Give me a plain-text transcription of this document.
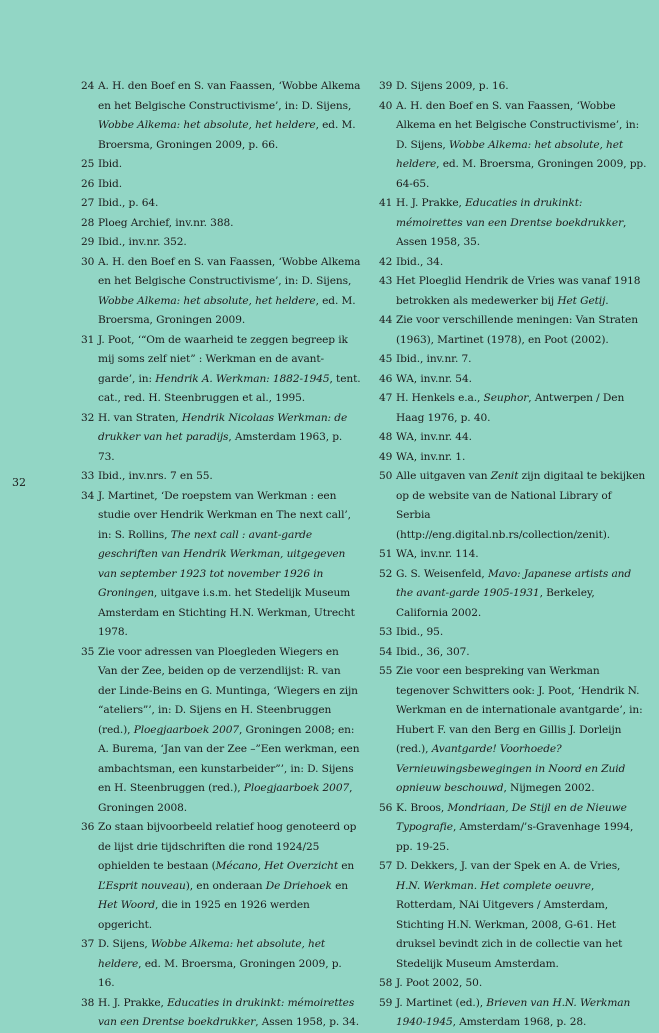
32
24 A. H. den Boef en S. van Faassen, ‘Wobbe Alkema en het Belgische Constructivisme’, in: D. Sijens, Wobbe Alkema: het absolute, het heldere, ed. M. Broersma, Groningen 2009, p. 66.
25 Ibid.
26 Ibid.
27 Ibid., p. 64.
28 Ploeg Archief, inv.nr. 388.
29 Ibid., inv.nr. 352.
30 A. H. den Boef en S. van Faassen, ‘Wobbe Alkema en het Belgische Constructivisme’, in: D. Sijens, Wobbe Alkema: het absolute, het heldere, ed. M. Broersma, Groningen 2009.
31 J. Poot, ‘“Om de waarheid te zeggen begreep ik mij soms zelf niet” : Werkman en de avant-garde’, in: Hendrik A. Werkman: 1882-1945, tent. cat., red. H. Steenbruggen et al., 1995.
32 H. van Straten, Hendrik Nicolaas Werkman: de drukker van het paradijs, Amsterdam 1963, p. 73.
33 Ibid., inv.nrs. 7 en 55.
34 J. Martinet, ‘De roepstem van Werkman : een studie over Hendrik Werkman en The next call’, in: S. Rollins, The next call : avant-garde geschriften van Hendrik Werkman, uitgegeven van september 1923 tot november 1926 in Groningen, uitgave i.s.m. het Stedelijk Museum Amsterdam en Stichting H.N. Werkman, Utrecht 1978.
35 Zie voor adressen van Ploegleden Wiegers en Van der Zee, beiden op de verzendlijst: R. van der Linde-Beins en G. Muntinga, ‘Wiegers en zijn “ateliers”’, in: D. Sijens en H. Steenbruggen (red.), Ploegjaarboek 2007, Groningen 2008; en: A. Burema, ‘Jan van der Zee –”Een werkman, een ambachtsman, een kunstarbeider”’, in: D. Sijens en H. Steenbruggen (red.), Ploegjaarboek 2007, Groningen 2008.
36 Zo staan bijvoorbeeld relatief hoog genoteerd op de lijst drie tijdschriften die rond 1924/25 ophielden te bestaan (Mécano, Het Overzicht en L’Esprit nouveau), en onderaan De Driehoek en Het Woord, die in 1925 en 1926 werden opgericht.
37 D. Sijens, Wobbe Alkema: het absolute, het heldere, ed. M. Broersma, Groningen 2009, p. 16.
38 H. J. Prakke, Educaties in drukinkt: mémoirettes van een Drentse boekdrukker, Assen 1958, p. 34.
39 D. Sijens 2009, p. 16.
40 A. H. den Boef en S. van Faassen, ‘Wobbe Alkema en het Belgische Constructivisme’, in: D. Sijens, Wobbe Alkema: het absolute, het heldere, ed. M. Broersma, Groningen 2009, pp. 64-65.
41 H. J. Prakke, Educaties in drukinkt: mémoirettes van een Drentse boekdrukker, Assen 1958, 35.
42 Ibid., 34.
43 Het Ploeglid Hendrik de Vries was vanaf 1918 betrokken als medewerker bij Het Getij.
44 Zie voor verschillende meningen: Van Straten (1963), Martinet (1978), en Poot (2002).
45 Ibid., inv.nr. 7.
46 WA, inv.nr. 54.
47 H. Henkels e.a., Seuphor, Antwerpen / Den Haag 1976, p. 40.
48 WA, inv.nr. 44.
49 WA, inv.nr. 1.
50 Alle uitgaven van Zenit zijn digitaal te bekijken op de website van de National Library of Serbia (http://eng.digital.nb.rs/collection/zenit).
51 WA, inv.nr. 114.
52 G. S. Weisenfeld, Mavo: Japanese artists and the avant-garde 1905-1931, Berkeley, California 2002.
53 Ibid., 95.
54 Ibid., 36, 307.
55 Zie voor een bespreking van Werkman tegenover Schwitters ook: J. Poot, ‘Hendrik N. Werkman en de internationale avantgarde’, in: Hubert F. van den Berg en Gillis J. Dorleijn (red.), Avantgarde! Voorhoede? Vernieuwingsbewegingen in Noord en Zuid opnieuw beschouwd, Nijmegen 2002.
56 K. Broos, Mondriaan, De Stijl en de Nieuwe Typografie, Amsterdam/’s-Gravenhage 1994, pp. 19-25.
57 D. Dekkers, J. van der Spek en A. de Vries, H.N. Werkman. Het complete oeuvre, Rotterdam, NAi Uitgevers / Amsterdam, Stichting H.N. Werkman, 2008, G-61. Het druksel bevindt zich in de collectie van het Stedelijk Museum Amsterdam.
58 J. Poot 2002, 50.
59 J. Martinet (ed.), Brieven van H.N. Werkman 1940-1945, Amsterdam 1968, p. 28.
